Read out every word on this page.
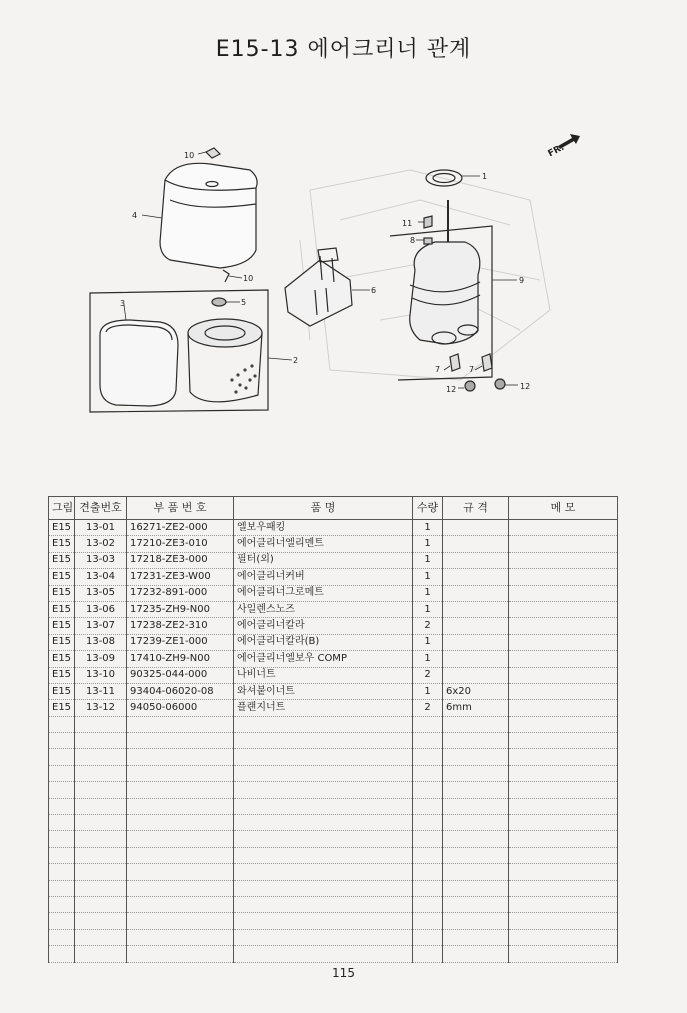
E15-13 에어크리너 관계
1
2
3
4
5
6
7	7
8
9
10
10
11
12	12
FR.
그림	견출번호	부 품 번 호	품 명	수량	규 격	메 모
E15	13-01	16271-ZE2-000	엘보우패킹	1		
E15	13-02	17210-ZE3-010	에어클리너엘리멘트	1		
E15	13-03	17218-ZE3-000	필터(외)	1		
E15	13-04	17231-ZE3-W00	에어클리너커버	1		
E15	13-05	17232-891-000	에어클리너그로메트	1		
E15	13-06	17235-ZH9-N00	사일렌스노즈	1		
E15	13-07	17238-ZE2-310	에어클리너칼라	2		
E15	13-08	17239-ZE1-000	에어클리너칼라(B)	1		
E15	13-09	17410-ZH9-N00	에어클리너엘보우 COMP	1		
E15	13-10	90325-044-000	나비너트	2		
E15	13-11	93404-06020-08	와셔붙이너트	1	6x20	
E15	13-12	94050-06000	플랜지너트	2	6mm	

115
